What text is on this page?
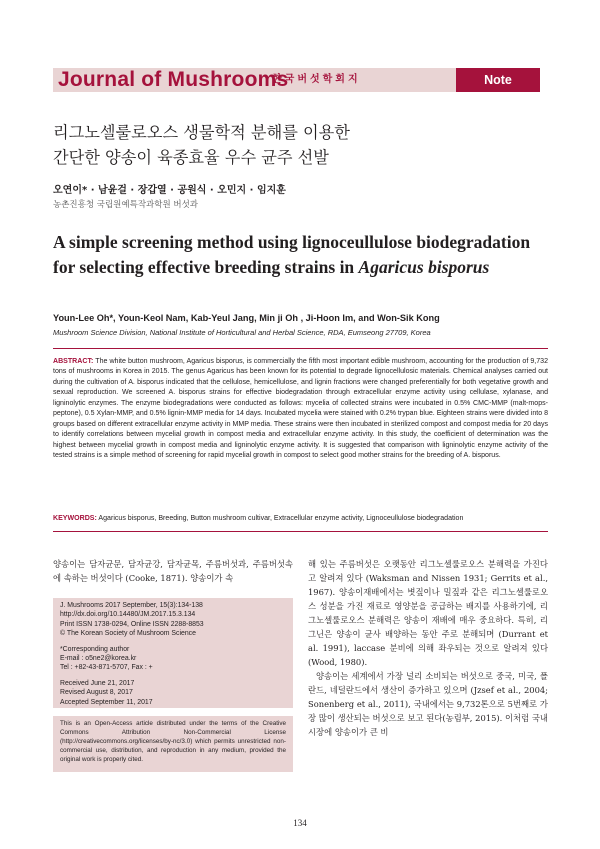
Journal of Mushrooms
한국버섯학회지	Note
리그노셀룰로오스 생물학적 분해를 이용한
간단한 양송이 육종효율 우수 균주 선발
오연이* · 남윤걸 · 장갑열 · 공원식 · 오민지 · 임지훈
농촌진흥청 국립원예특작과학원 버섯과
A simple screening method using lignoceullulose biodegradation for selecting effective breeding strains in Agaricus bisporus
Youn-Lee Oh*, Youn-Keol Nam, Kab-Yeul Jang, Min ji Oh , Ji-Hoon Im, and Won-Sik Kong
Mushroom Science Division, National Institute of Horticultural and Herbal Science, RDA, Eumseong 27709, Korea

ABSTRACT: The white button mushroom, Agaricus bisporus, is commercially the fifth most important edible mushroom, accounting for the production of 9,732 tons of mushrooms in Korea in 2015. The genus Agaricus has been known for its potential to degrade lignocellulosic materials. Chemical analyses carried out during the cultivation of A. bisporus indicated that the cellulose, hemicellulose, and lignin fractions were changed preferentially for both vegetative growth and sexual reproduction. We screened A. bisporus strains for effective biodegradation through extracellular enzyme activity using cellulase, xylanase, and ligninolytic enzymes. The enzyme biodegradations were conducted as follows: mycelia of collected strains were incubated in 0.5% CMC-MMP (malt-mops-peptone), 0.5 Xylan-MMP, and 0.5% lignin-MMP media for 14 days. Incubated mycelia were stained with 0.2% trypan blue. Eighteen strains were divided into 8 groups based on different extracellular enzyme activity in MMP media. These strains were then incubated in sterilized compost and compost media for 20 days to identify correlations between mycelial growth in compost media and extracellular enzyme activity. In this study, the coefficient of determination was the highest between mycelial growth in compost media and ligninolytic enzyme activity. It is suggested that comparison with ligninolytic enzyme activity of the tested strains is a simple method of screening for rapid mycelial growth in compost to select good mother strains for the breeding of A. bisporus.

KEYWORDS: Agaricus bisporus, Breeding, Button mushroom cultivar, Extracellular enzyme activity, Lignoceullulose biodegradation

양송이는 담자균문, 담자균강, 담자균목, 주름버섯과, 주름버섯속에 속하는 버섯이다 (Cooke, 1871). 양송이가 속

J. Mushrooms 2017 September, 15(3):134-138
http://dx.doi.org/10.14480/JM.2017.15.3.134
Print ISSN 1738-0294, Online ISSN 2288-8853
© The Korean Society of Mushroom Science
*Corresponding author
E-mail : o5ne2@korea.kr
Tel : +82-43-871-5707, Fax : +
Received June 21, 2017
Revised August 8, 2017
Accepted September 11, 2017

This is an Open-Access article distributed under the terms of the Creative Commons Attribution Non-Commercial License (http://creativecommons.org/licenses/by-nc/3.0) which permits unrestricted non-commercial use, distribution, and reproduction in any medium, provided the original work is properly cited.

해 있는 주름버섯은 오랫동안 리그노셀룰로오스 분해력을 가진다고 알려져 있다 (Waksman and Nissen 1931; Gerrits et al., 1967). 양송이재배에서는 볏짚이나 밀짚과 같은 리그노셀룰로오스 성분을 가진 재료로 영양분을 공급하는 배지를 사용하기에, 리그노셀룰로오스 분해력은 양송이 재배에 매우 중요하다. 특히, 리그닌은 양송이 균사 배양하는 동안 주로 분해되며 (Durrant et al. 1991), laccase 분비에 의해 좌우되는 것으로 알려져 있다 (Wood, 1980).
양송이는 세계에서 가장 널리 소비되는 버섯으로 중국, 미국, 폴란드, 네덜란드에서 생산이 증가하고 있으며 (Jzsef et al., 2004; Sonenberg et al., 2011), 국내에서는 9,732톤으로 5번째로 가장 많이 생산되는 버섯으로 보고 된다(농림부, 2015). 이처럼 국내 시장에 양송이가 큰 비
134
